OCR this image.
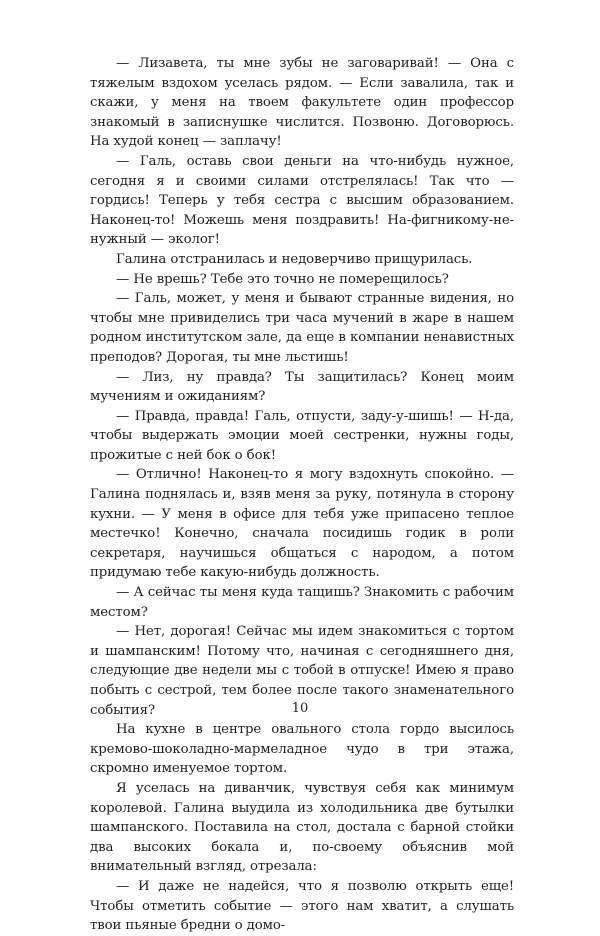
— Лизавета, ты мне зубы не заговаривай! — Она с тяжелым вздохом уселась рядом. — Если завалила, так и скажи, у меня на твоем факультете один профессор знакомый в записнушке числится. Позвоню. Договорюсь. На худой конец — заплачу!

— Галь, оставь свои деньги на что-нибудь нужное, сегодня я и своими силами отстрелялась! Так что — гордись! Теперь у тебя сестра с высшим образованием. Наконец-то! Можешь меня поздравить! На-фигникому-не-нужный — эколог!

Галина отстранилась и недоверчиво прищурилась.

— Не врешь? Тебе это точно не померещилось?

— Галь, может, у меня и бывают странные видения, но чтобы мне привиделись три часа мучений в жаре в нашем родном институтском зале, да еще в компании ненавистных преподов? Дорогая, ты мне льстишь!

— Лиз, ну правда? Ты защитилась? Конец моим мучениям и ожиданиям?

— Правда, правда! Галь, отпусти, заду-у-шишь! — Н-да, чтобы выдержать эмоции моей сестренки, нужны годы, прожитые с ней бок о бок!

— Отлично! Наконец-то я могу вздохнуть спокойно. — Галина поднялась и, взяв меня за руку, потянула в сторону кухни. — У меня в офисе для тебя уже припасено теплое местечко! Конечно, сначала посидишь годик в роли секретаря, научишься общаться с народом, а потом придумаю тебе какую-нибудь должность.

— А сейчас ты меня куда тащишь? Знакомить с рабочим местом?

— Нет, дорогая! Сейчас мы идем знакомиться с тортом и шампанским! Потому что, начиная с сегодняшнего дня, следующие две недели мы с тобой в отпуске! Имею я право побыть с сестрой, тем более после такого знаменательного события?

На кухне в центре овального стола гордо высилось кремово-шоколадно-мармеладное чудо в три этажа, скромно именуемое тортом.

Я уселась на диванчик, чувствуя себя как минимум королевой. Галина выудила из холодильника две бутылки шампанского. Поставила на стол, достала с барной стойки два высоких бокала и, по-своему объяснив мой внимательный взгляд, отрезала:

— И даже не надейся, что я позволю открыть еще! Чтобы отметить событие — этого нам хватит, а слушать твои пьяные бредни о домо-

10
